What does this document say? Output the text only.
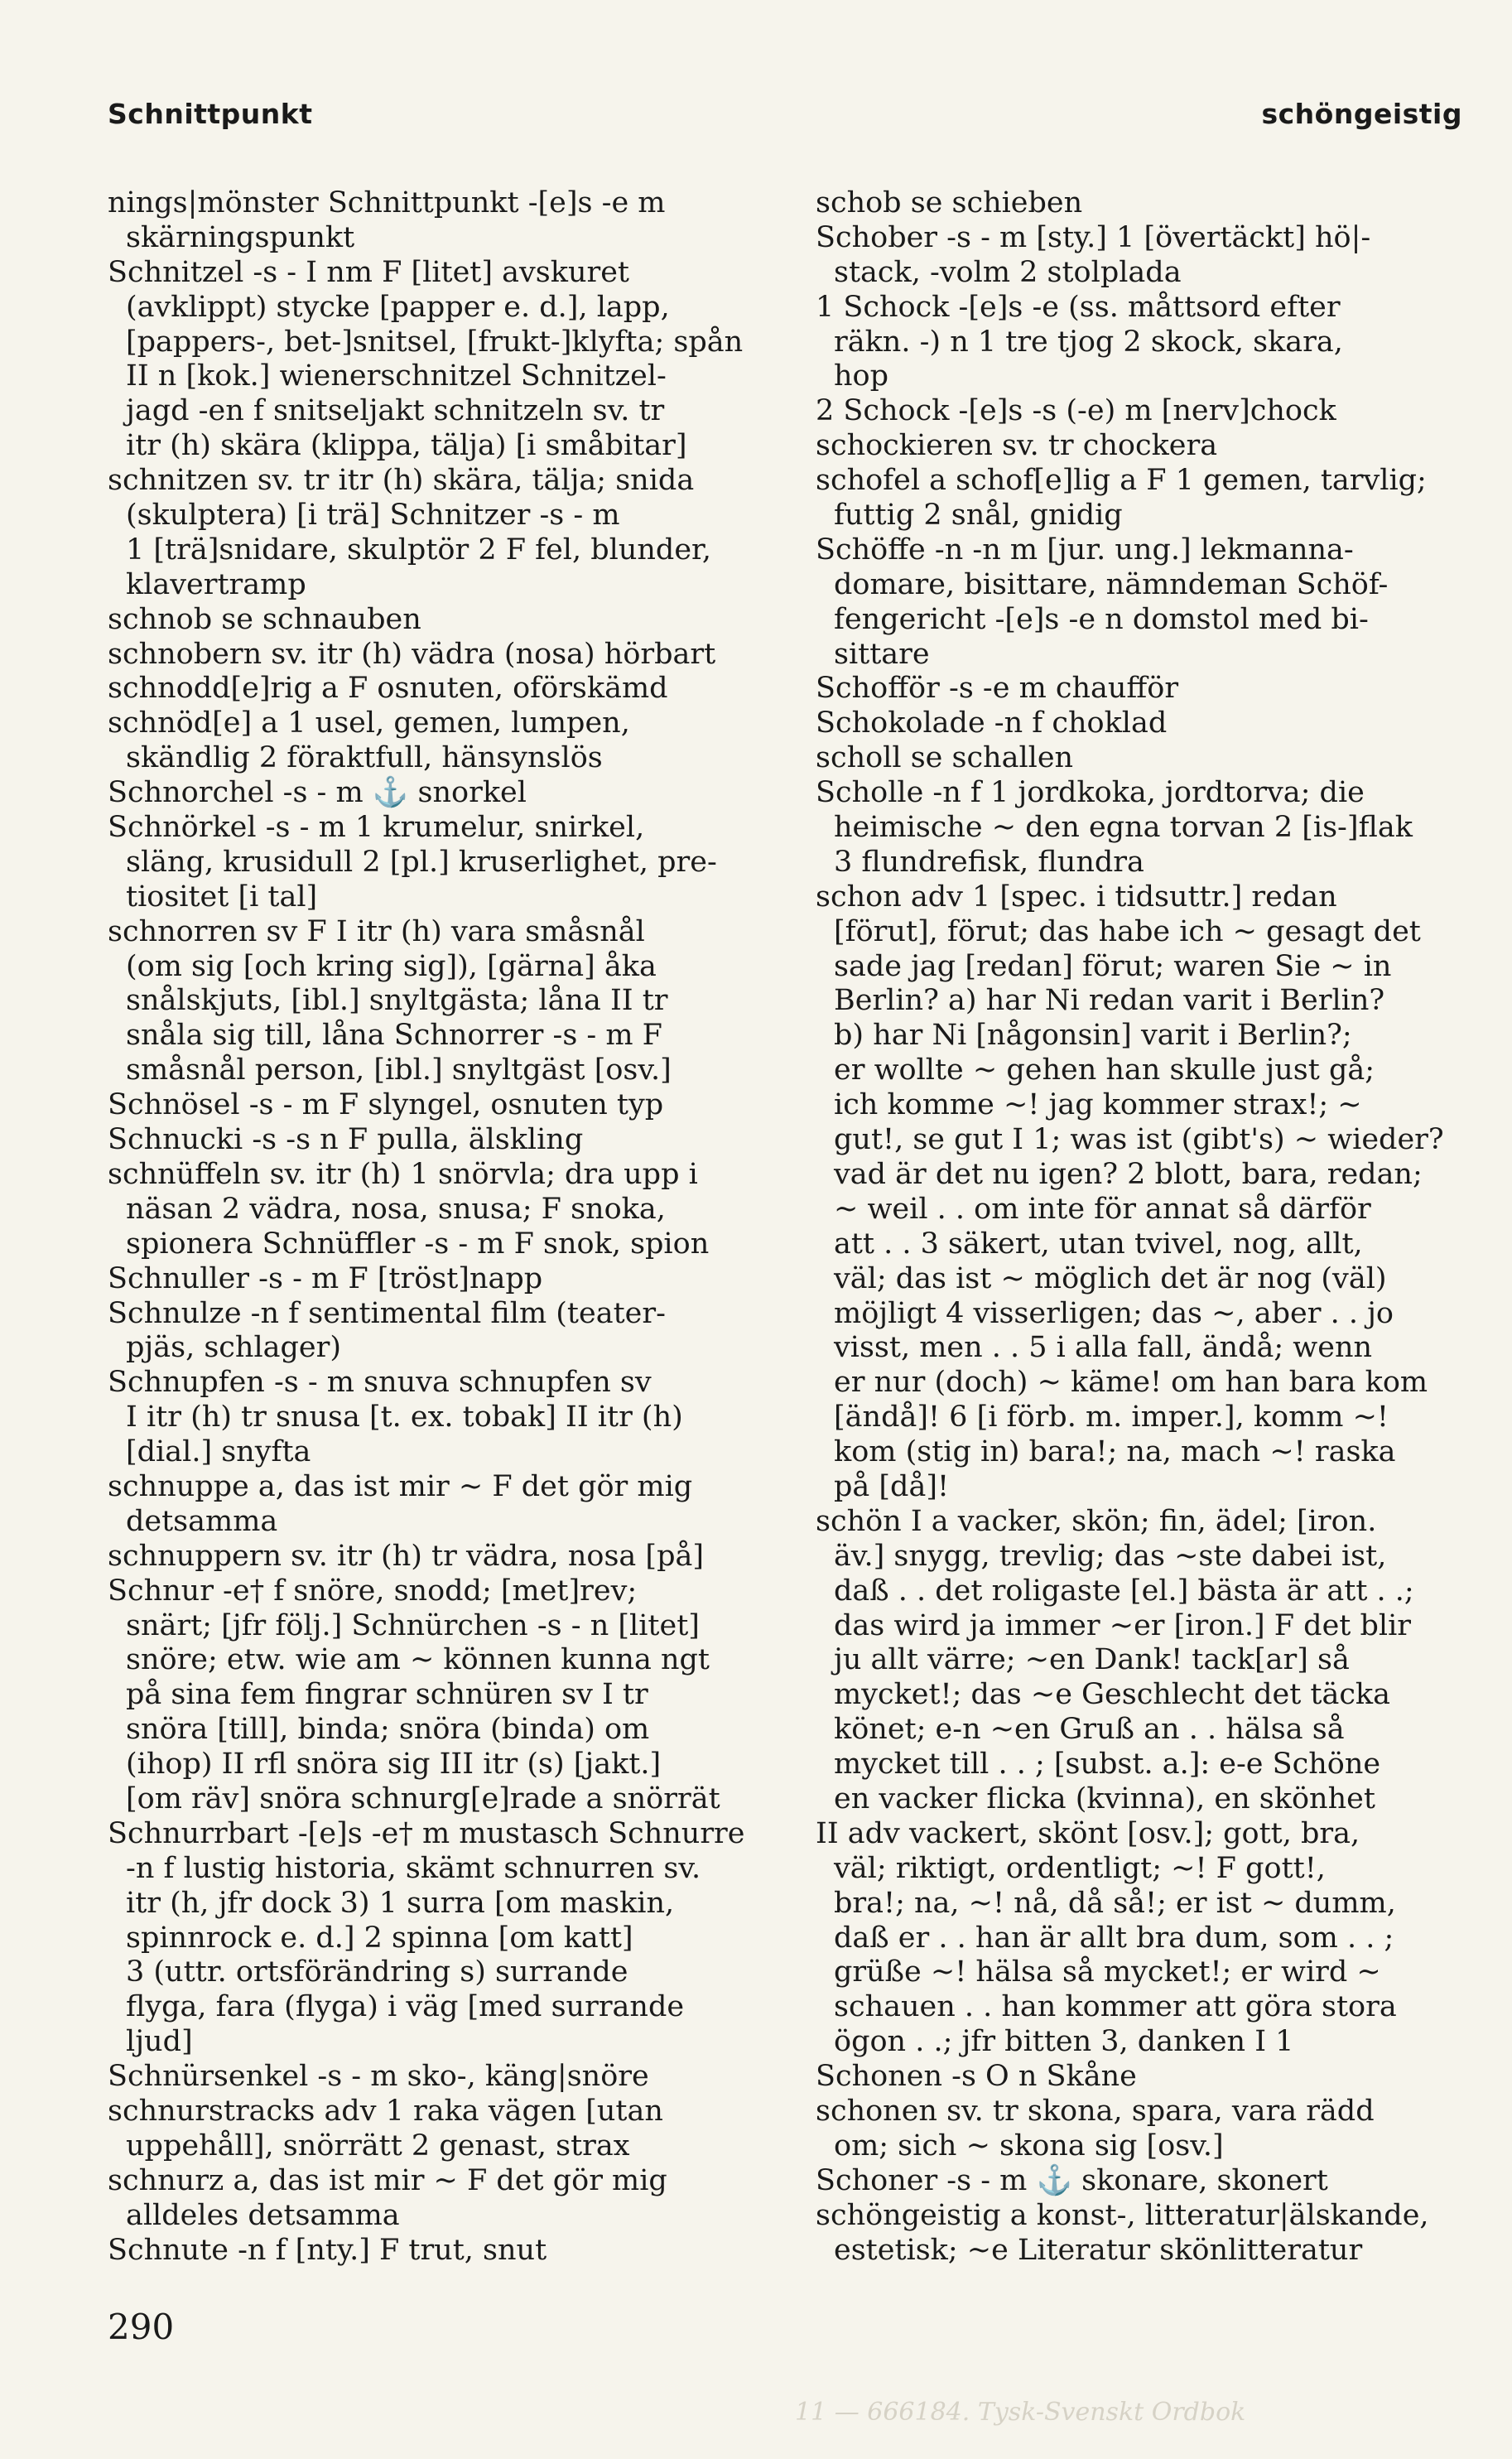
Schnittpunkt	schöngeistig
nings|mönster Schnittpunkt -[e]s -e m
skärningspunkt
Schnitzel -s - I nm F [litet] avskuret
(avklippt) stycke [papper e. d.], lapp,
[pappers-, bet-]snitsel, [frukt-]klyfta; spån
II n [kok.] wienerschnitzel Schnitzel-
jagd -en f snitseljakt schnitzeln sv. tr
itr (h) skära (klippa, tälja) [i småbitar]
schnitzen sv. tr itr (h) skära, tälja; snida
(skulptera) [i trä] Schnitzer -s - m
1 [trä]snidare, skulptör 2 F fel, blunder,
klavertramp
schnob se schnauben
schnobern sv. itr (h) vädra (nosa) hörbart
schnodd[e]rig a F osnuten, oförskämd
schnöd[e] a 1 usel, gemen, lumpen,
skändlig 2 föraktfull, hänsynslös
Schnorchel -s - m ⚓ snorkel
Schnörkel -s - m 1 krumelur, snirkel,
släng, krusidull 2 [pl.] kruserlighet, pre-
tiositet [i tal]
schnorren sv F I itr (h) vara småsnål
(om sig [och kring sig]), [gärna] åka
snålskjuts, [ibl.] snyltgästa; låna II tr
snåla sig till, låna Schnorrer -s - m F
småsnål person, [ibl.] snyltgäst [osv.]
Schnösel -s - m F slyngel, osnuten typ
Schnucki -s -s n F pulla, älskling
schnüffeln sv. itr (h) 1 snörvla; dra upp i
näsan 2 vädra, nosa, snusa; F snoka,
spionera Schnüffler -s - m F snok, spion
Schnuller -s - m F [tröst]napp
Schnulze -n f sentimental film (teater-
pjäs, schlager)
Schnupfen -s - m snuva schnupfen sv
I itr (h) tr snusa [t. ex. tobak] II itr (h)
[dial.] snyfta
schnuppe a, das ist mir ~ F det gör mig
detsamma
schnuppern sv. itr (h) tr vädra, nosa [på]
Schnur -e† f snöre, snodd; [met]rev;
snärt; [jfr följ.] Schnürchen -s - n [litet]
snöre; etw. wie am ~ können kunna ngt
på sina fem fingrar schnüren sv I tr
snöra [till], binda; snöra (binda) om
(ihop) II rfl snöra sig III itr (s) [jakt.]
[om räv] snöra schnurg[e]rade a snörrät
Schnurrbart -[e]s -e† m mustasch Schnurre
-n f lustig historia, skämt schnurren sv.
itr (h, jfr dock 3) 1 surra [om maskin,
spinnrock e. d.] 2 spinna [om katt]
3 (uttr. ortsförändring s) surrande
flyga, fara (flyga) i väg [med surrande
ljud]
Schnürsenkel -s - m sko-, käng|snöre
schnurstracks adv 1 raka vägen [utan
uppehåll], snörrätt 2 genast, strax
schnurz a, das ist mir ~ F det gör mig
alldeles detsamma
Schnute -n f [nty.] F trut, snut
schob se schieben
Schober -s - m [sty.] 1 [övertäckt] hö|-
stack, -volm 2 stolplada
1 Schock -[e]s -e (ss. måttsord efter
räkn. -) n 1 tre tjog 2 skock, skara,
hop
2 Schock -[e]s -s (-e) m [nerv]chock
schockieren sv. tr chockera
schofel a schof[e]lig a F 1 gemen, tarvlig;
futtig 2 snål, gnidig
Schöffe -n -n m [jur. ung.] lekmanna-
domare, bisittare, nämndeman Schöf-
fengericht -[e]s -e n domstol med bi-
sittare
Schofför -s -e m chaufför
Schokolade -n f choklad
scholl se schallen
Scholle -n f 1 jordkoka, jordtorva; die
heimische ~ den egna torvan 2 [is-]flak
3 flundrefisk, flundra
schon adv 1 [spec. i tidsuttr.] redan
[förut], förut; das habe ich ~ gesagt det
sade jag [redan] förut; waren Sie ~ in
Berlin? a) har Ni redan varit i Berlin?
b) har Ni [någonsin] varit i Berlin?;
er wollte ~ gehen han skulle just gå;
ich komme ~! jag kommer strax!; ~
gut!, se gut I 1; was ist (gibt's) ~ wieder?
vad är det nu igen? 2 blott, bara, redan;
~ weil . . om inte för annat så därför
att . . 3 säkert, utan tvivel, nog, allt,
väl; das ist ~ möglich det är nog (väl)
möjligt 4 visserligen; das ~, aber . . jo
visst, men . . 5 i alla fall, ändå; wenn
er nur (doch) ~ käme! om han bara kom
[ändå]! 6 [i förb. m. imper.], komm ~!
kom (stig in) bara!; na, mach ~! raska
på [då]!
schön I a vacker, skön; fin, ädel; [iron.
äv.] snygg, trevlig; das ~ste dabei ist,
daß . . det roligaste [el.] bästa är att . .;
das wird ja immer ~er [iron.] F det blir
ju allt värre; ~en Dank! tack[ar] så
mycket!; das ~e Geschlecht det täcka
könet; e-n ~en Gruß an . . hälsa så
mycket till . . ; [subst. a.]: e-e Schöne
en vacker flicka (kvinna), en skönhet
II adv vackert, skönt [osv.]; gott, bra,
väl; riktigt, ordentligt; ~! F gott!,
bra!; na, ~! nå, då så!; er ist ~ dumm,
daß er . . han är allt bra dum, som . . ;
grüße ~! hälsa så mycket!; er wird ~
schauen . . han kommer att göra stora
ögon . .; jfr bitten 3, danken I 1
Schonen -s O n Skåne
schonen sv. tr skona, spara, vara rädd
om; sich ~ skona sig [osv.]
Schoner -s - m ⚓ skonare, skonert
schöngeistig a konst-, litteratur|älskande,
estetisk; ~e Literatur skönlitteratur
290
11 — 666184. Tysk-Svenskt Ordbok
